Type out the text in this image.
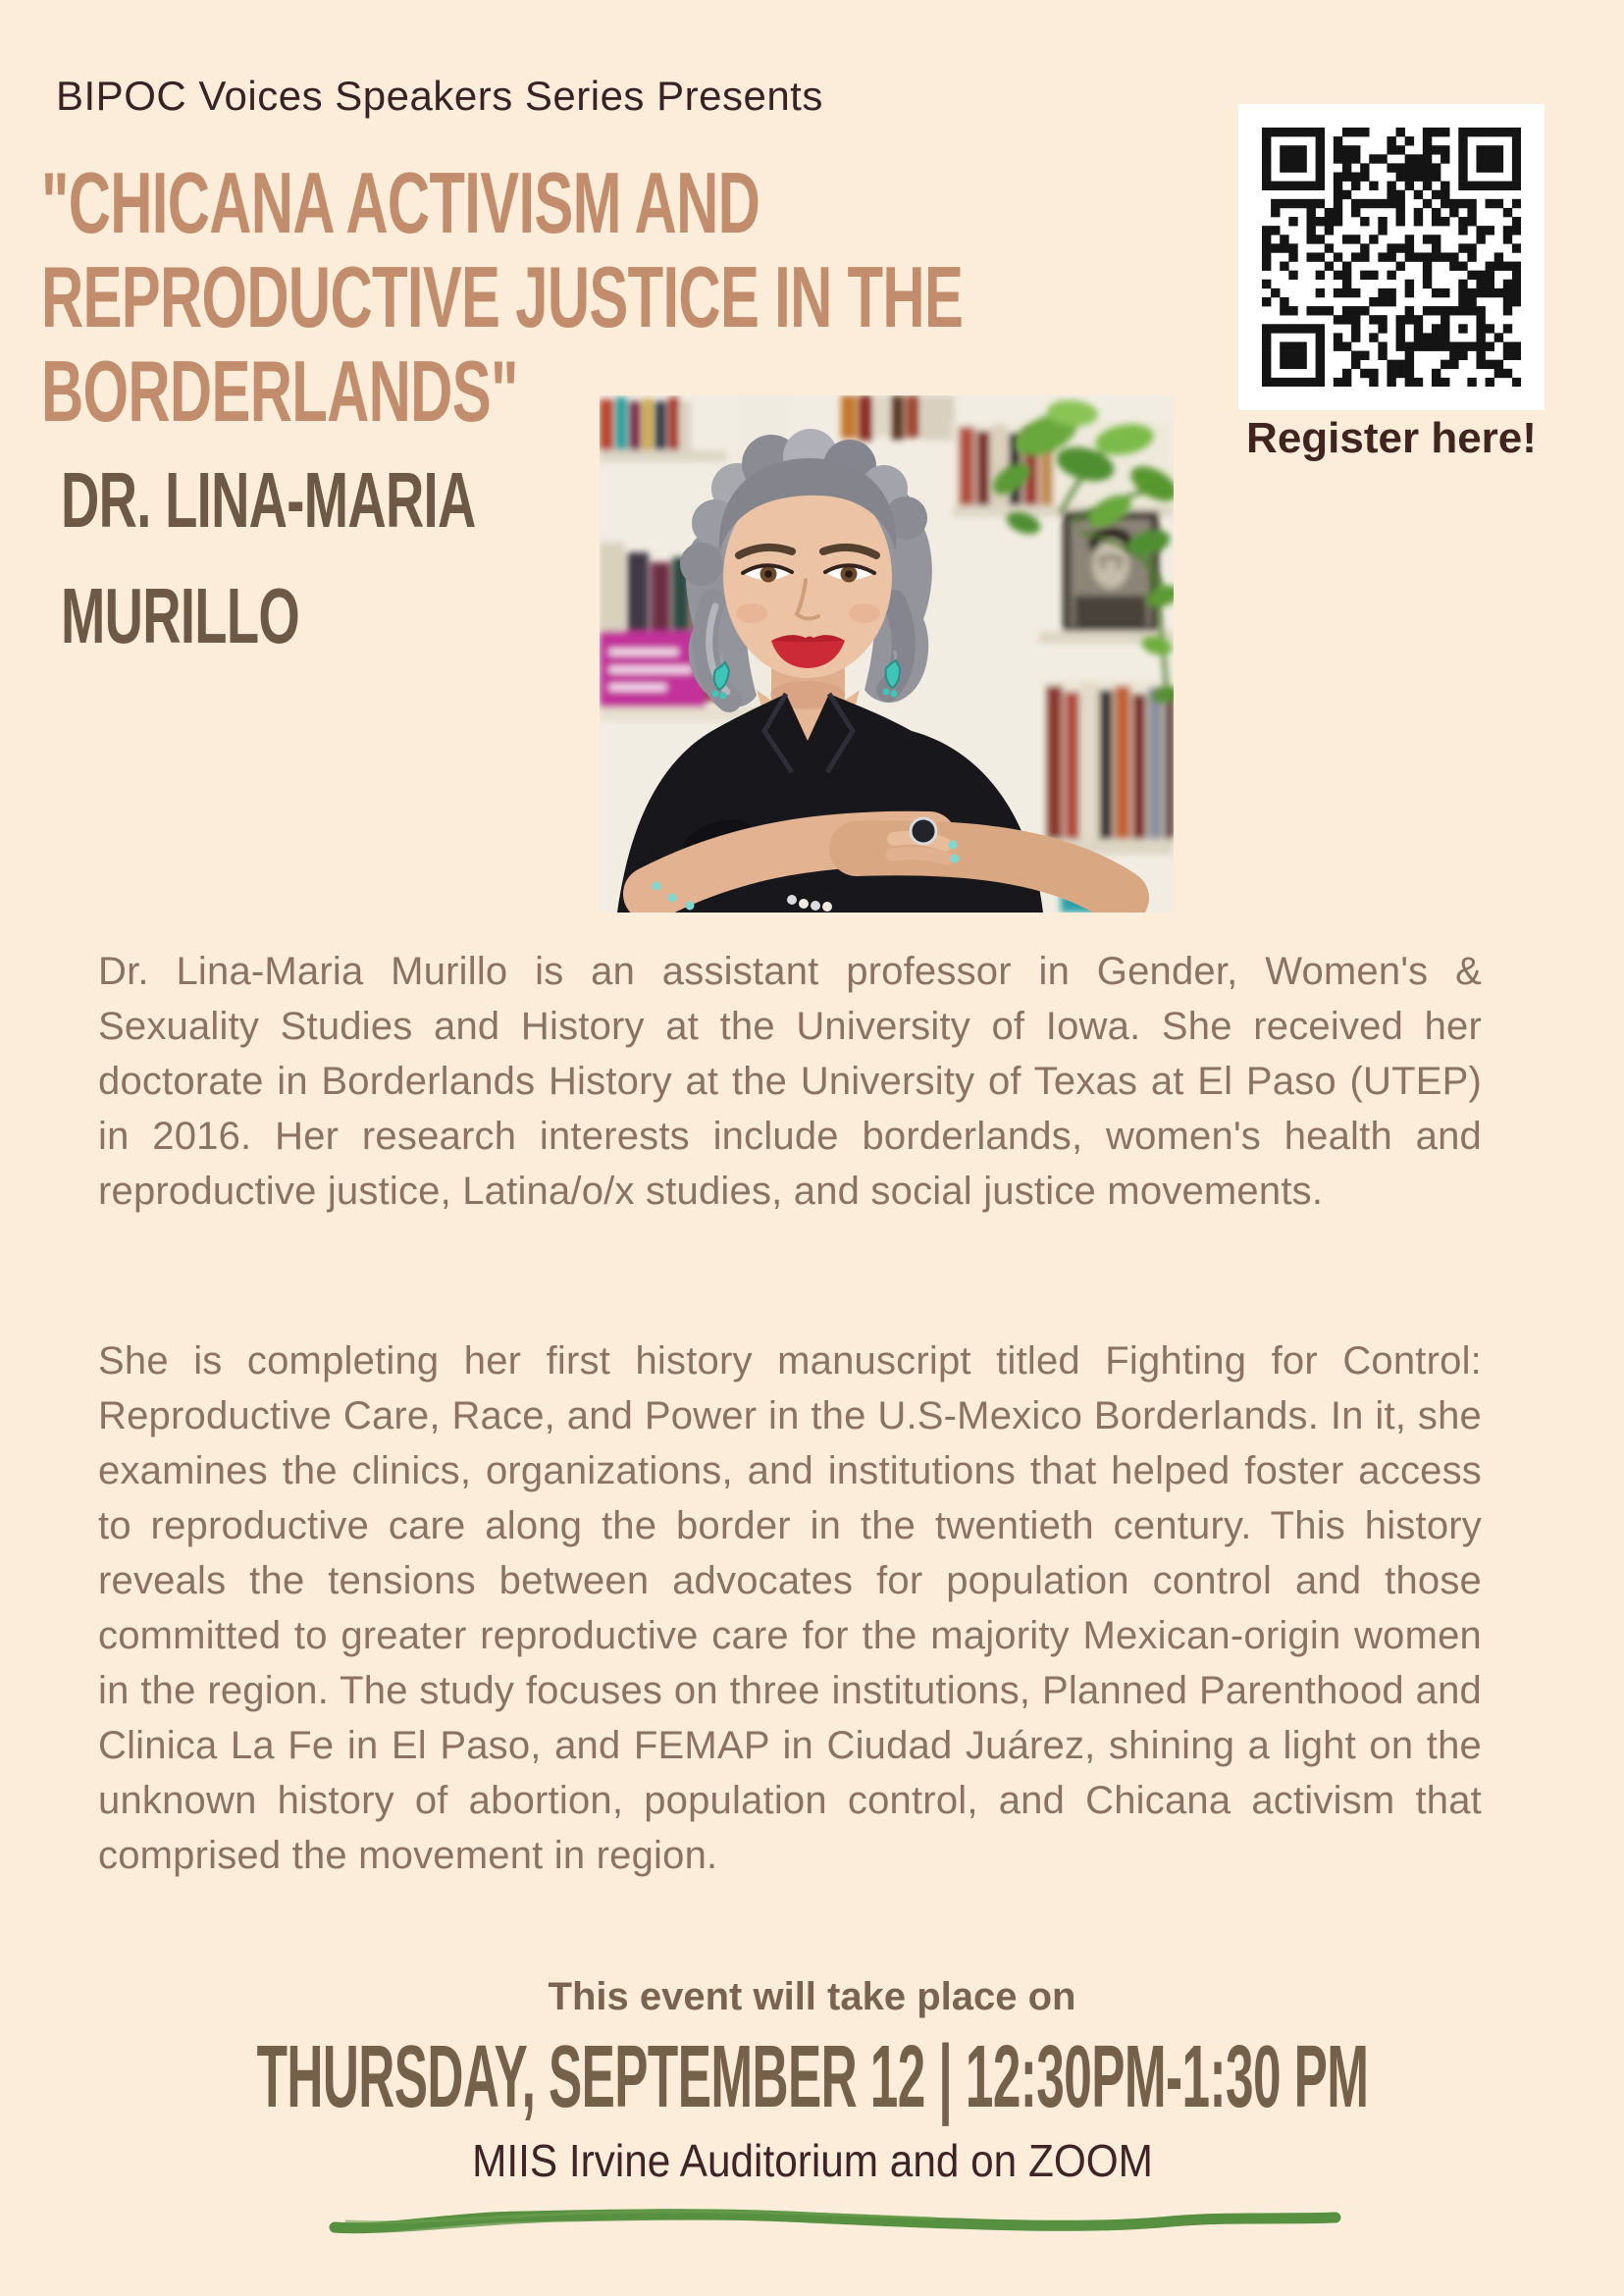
BIPOC Voices Speakers Series Presents
Register here!
"CHICANA ACTIVISM AND
REPRODUCTIVE JUSTICE IN THE
BORDERLANDS"
DR. LINA-MARIA
MURILLO

Dr. Lina-Maria Murillo is an assistant professor in Gender, Women's & Sexuality Studies and History at the University of Iowa. She received her doctorate in Borderlands History at the University of Texas at El Paso (UTEP) in 2016. Her research interests include borderlands, women's health and reproductive justice, Latina/o/x studies, and social justice movements.

She is completing her first history manuscript titled Fighting for Control: Reproductive Care, Race, and Power in the U.S-Mexico Borderlands. In it, she examines the clinics, organizations, and institutions that helped foster access to reproductive care along the border in the twentieth century. This history reveals the tensions between advocates for population control and those committed to greater reproductive care for the majority Mexican-origin women in the region. The study focuses on three institutions, Planned Parenthood and Clinica La Fe in El Paso, and FEMAP in Ciudad Juárez, shining a light on the unknown history of abortion, population control, and Chicana activism that comprised the movement in region.

This event will take place on
THURSDAY, SEPTEMBER 12 | 12:30PM-1:30 PM
MIIS Irvine Auditorium and on ZOOM
